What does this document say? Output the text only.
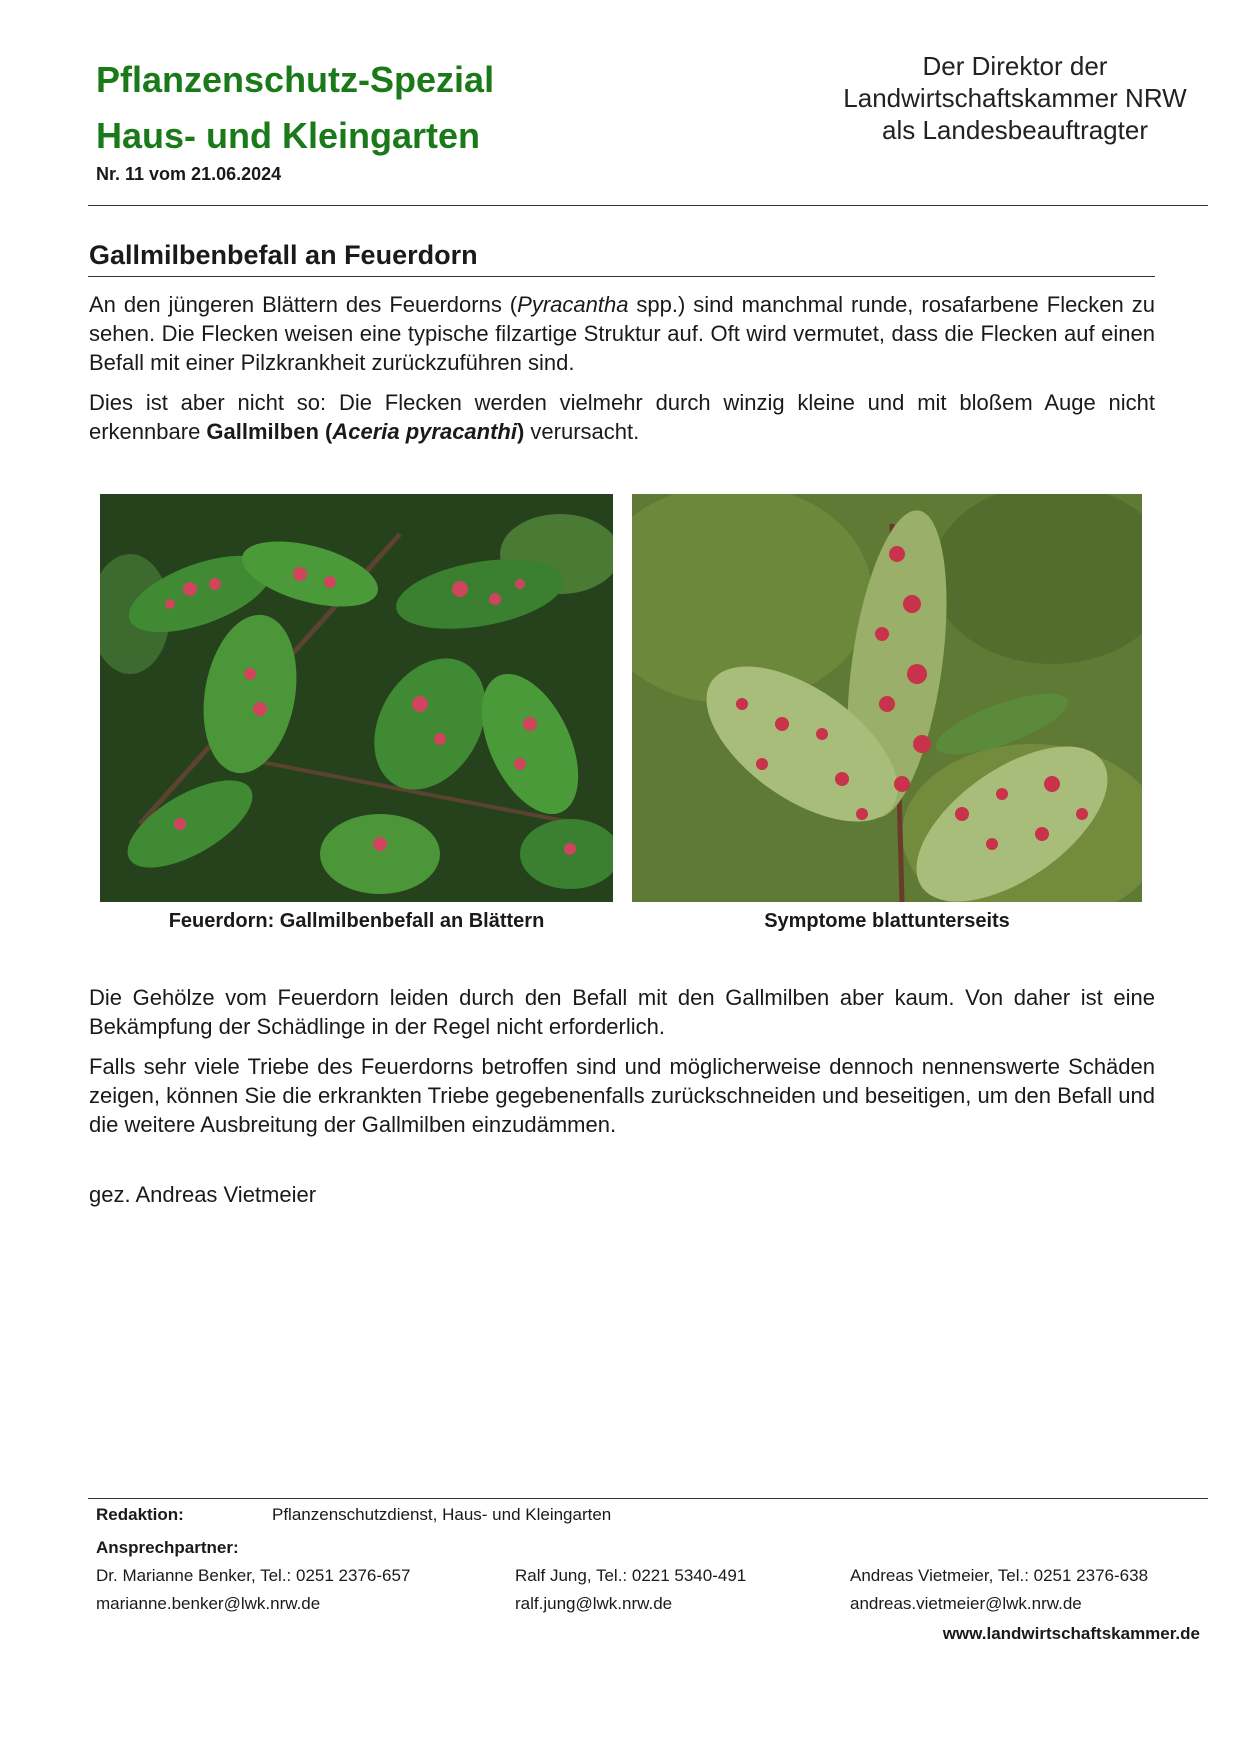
Pflanzenschutz-Spezial
Haus- und Kleingarten
Der Direktor der
Landwirtschaftskammer NRW
als Landesbeauftragter
Nr. 11 vom 21.06.2024
Gallmilbenbefall an Feuerdorn
An den jüngeren Blättern des Feuerdorns (Pyracantha spp.) sind manchmal runde, rosafarbene Flecken zu sehen. Die Flecken weisen eine typische filzartige Struktur auf. Oft wird vermutet, dass die Flecken auf einen Befall mit einer Pilzkrankheit zurückzuführen sind.
Dies ist aber nicht so: Die Flecken werden vielmehr durch winzig kleine und mit bloßem Auge nicht erkennbare Gallmilben (Aceria pyracanthi) verursacht.
Feuerdorn: Gallmilbenbefall an Blättern	Symptome blattunterseits
Die Gehölze vom Feuerdorn leiden durch den Befall mit den Gallmilben aber kaum. Von daher ist eine Bekämpfung der Schädlinge in der Regel nicht erforderlich.
Falls sehr viele Triebe des Feuerdorns betroffen sind und möglicherweise dennoch nennenswerte Schäden zeigen, können Sie die erkrankten Triebe gegebenenfalls zurückschneiden und beseitigen, um den Befall und die weitere Ausbreitung der Gallmilben einzudämmen.
gez. Andreas Vietmeier
Redaktion:	Pflanzenschutzdienst, Haus- und Kleingarten
Ansprechpartner:
Dr. Marianne Benker, Tel.: 0251 2376-657
marianne.benker@lwk.nrw.de
Ralf Jung, Tel.: 0221 5340-491
ralf.jung@lwk.nrw.de
Andreas Vietmeier, Tel.: 0251 2376-638
andreas.vietmeier@lwk.nrw.de
www.landwirtschaftskammer.de
